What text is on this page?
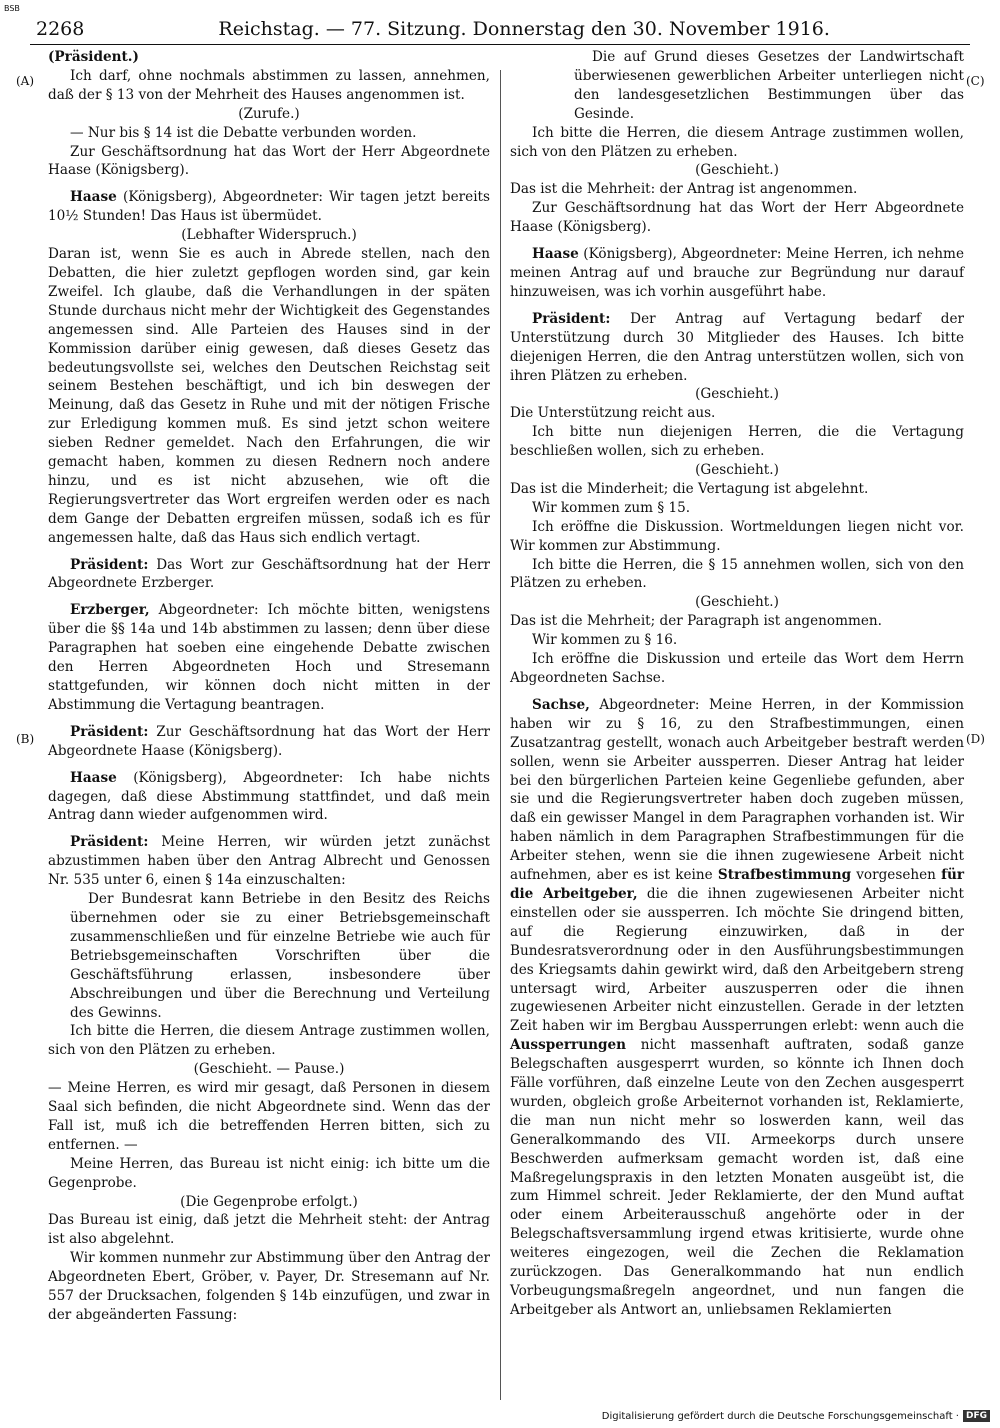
BSB
2268	Reichstag. — 77. Sitzung. Donnerstag den 30. November 1916.
(A)
(B)
(C)
(D)

(Präsident.)

Ich darf, ohne nochmals abstimmen zu lassen, annehmen, daß der § 13 von der Mehrheit des Hauses angenommen ist.

(Zurufe.)

— Nur bis § 14 ist die Debatte verbunden worden.

Zur Geschäftsordnung hat das Wort der Herr Abgeordnete Haase (Königsberg).

Haase (Königsberg), Abgeordneter: Wir tagen jetzt bereits 10½ Stunden! Das Haus ist übermüdet.

(Lebhafter Widerspruch.)

Daran ist, wenn Sie es auch in Abrede stellen, nach den Debatten, die hier zuletzt gepflogen worden sind, gar kein Zweifel. Ich glaube, daß die Verhandlungen in der späten Stunde durchaus nicht mehr der Wichtigkeit des Gegenstandes angemessen sind. Alle Parteien des Hauses sind in der Kommission darüber einig gewesen, daß dieses Gesetz das bedeutungsvollste sei, welches den Deutschen Reichstag seit seinem Bestehen beschäftigt, und ich bin deswegen der Meinung, daß das Gesetz in Ruhe und mit der nötigen Frische zur Erledigung kommen muß. Es sind jetzt schon weitere sieben Redner gemeldet. Nach den Erfahrungen, die wir gemacht haben, kommen zu diesen Rednern noch andere hinzu, und es ist nicht abzusehen, wie oft die Regierungsvertreter das Wort ergreifen werden oder es nach dem Gange der Debatten ergreifen müssen, sodaß ich es für angemessen halte, daß das Haus sich endlich vertagt.

Präsident: Das Wort zur Geschäftsordnung hat der Herr Abgeordnete Erzberger.

Erzberger, Abgeordneter: Ich möchte bitten, wenigstens über die §§ 14a und 14b abstimmen zu lassen; denn über diese Paragraphen hat soeben eine eingehende Debatte zwischen den Herren Abgeordneten Hoch und Stresemann stattgefunden, wir können doch nicht mitten in der Abstimmung die Vertagung beantragen.

Präsident: Zur Geschäftsordnung hat das Wort der Herr Abgeordnete Haase (Königsberg).

Haase (Königsberg), Abgeordneter: Ich habe nichts dagegen, daß diese Abstimmung stattfindet, und daß mein Antrag dann wieder aufgenommen wird.

Präsident: Meine Herren, wir würden jetzt zunächst abzustimmen haben über den Antrag Albrecht und Genossen Nr. 535 unter 6, einen § 14a einzuschalten:

Der Bundesrat kann Betriebe in den Besitz des Reichs übernehmen oder sie zu einer Betriebsgemeinschaft zusammenschließen und für einzelne Betriebe wie auch für Betriebsgemeinschaften Vorschriften über die Geschäftsführung erlassen, insbesondere über Abschreibungen und über die Berechnung und Verteilung des Gewinns.

Ich bitte die Herren, die diesem Antrage zustimmen wollen, sich von den Plätzen zu erheben.

(Geschieht. — Pause.)

— Meine Herren, es wird mir gesagt, daß Personen in diesem Saal sich befinden, die nicht Abgeordnete sind. Wenn das der Fall ist, muß ich die betreffenden Herren bitten, sich zu entfernen. —

Meine Herren, das Bureau ist nicht einig: ich bitte um die Gegenprobe.

(Die Gegenprobe erfolgt.)

Das Bureau ist einig, daß jetzt die Mehrheit steht: der Antrag ist also abgelehnt.

Wir kommen nunmehr zur Abstimmung über den Antrag der Abgeordneten Ebert, Gröber, v. Payer, Dr. Stresemann auf Nr. 557 der Drucksachen, folgenden § 14b einzufügen, und zwar in der abgeänderten Fassung:

Die auf Grund dieses Gesetzes der Landwirtschaft überwiesenen gewerblichen Arbeiter unterliegen nicht den landesgesetzlichen Bestimmungen über das Gesinde.

Ich bitte die Herren, die diesem Antrage zustimmen wollen, sich von den Plätzen zu erheben.

(Geschieht.)

Das ist die Mehrheit: der Antrag ist angenommen.

Zur Geschäftsordnung hat das Wort der Herr Abgeordnete Haase (Königsberg).

Haase (Königsberg), Abgeordneter: Meine Herren, ich nehme meinen Antrag auf und brauche zur Begründung nur darauf hinzuweisen, was ich vorhin ausgeführt habe.

Präsident: Der Antrag auf Vertagung bedarf der Unterstützung durch 30 Mitglieder des Hauses. Ich bitte diejenigen Herren, die den Antrag unterstützen wollen, sich von ihren Plätzen zu erheben.

(Geschieht.)

Die Unterstützung reicht aus.

Ich bitte nun diejenigen Herren, die die Vertagung beschließen wollen, sich zu erheben.

(Geschieht.)

Das ist die Minderheit; die Vertagung ist abgelehnt.

Wir kommen zum § 15.

Ich eröffne die Diskussion. Wortmeldungen liegen nicht vor. Wir kommen zur Abstimmung.

Ich bitte die Herren, die § 15 annehmen wollen, sich von den Plätzen zu erheben.

(Geschieht.)

Das ist die Mehrheit; der Paragraph ist angenommen.

Wir kommen zu § 16.

Ich eröffne die Diskussion und erteile das Wort dem Herrn Abgeordneten Sachse.

Sachse, Abgeordneter: Meine Herren, in der Kommission haben wir zu § 16, zu den Strafbestimmungen, einen Zusatzantrag gestellt, wonach auch Arbeitgeber bestraft werden sollen, wenn sie Arbeiter aussperren. Dieser Antrag hat leider bei den bürgerlichen Parteien keine Gegenliebe gefunden, aber sie und die Regierungsvertreter haben doch zugeben müssen, daß ein gewisser Mangel in dem Paragraphen vorhanden ist. Wir haben nämlich in dem Paragraphen Strafbestimmungen für die Arbeiter stehen, wenn sie die ihnen zugewiesene Arbeit nicht aufnehmen, aber es ist keine Strafbestimmung vorgesehen für die Arbeitgeber, die die ihnen zugewiesenen Arbeiter nicht einstellen oder sie aussperren. Ich möchte Sie dringend bitten, auf die Regierung einzuwirken, daß in der Bundesratsverordnung oder in den Ausführungsbestimmungen des Kriegsamts dahin gewirkt wird, daß den Arbeitgebern streng untersagt wird, Arbeiter auszusperren oder die ihnen zugewiesenen Arbeiter nicht einzustellen. Gerade in der letzten Zeit haben wir im Bergbau Aussperrungen erlebt: wenn auch die Aussperrungen nicht massenhaft auftraten, sodaß ganze Belegschaften ausgesperrt wurden, so könnte ich Ihnen doch Fälle vorführen, daß einzelne Leute von den Zechen ausgesperrt wurden, obgleich große Arbeiternot vorhanden ist, Reklamierte, die man nun nicht mehr so loswerden kann, weil das Generalkommando des VII. Armeekorps durch unsere Beschwerden aufmerksam gemacht worden ist, daß eine Maßregelungspraxis in den letzten Monaten ausgeübt ist, die zum Himmel schreit. Jeder Reklamierte, der den Mund auftat oder einem Arbeiterausschuß angehörte oder in der Belegschaftsversammlung irgend etwas kritisierte, wurde ohne weiteres eingezogen, weil die Zechen die Reklamation zurückzogen. Das Generalkommando hat nun endlich Vorbeugungsmaßregeln angeordnet, und nun fangen die Arbeitgeber als Antwort an, unliebsamen Reklamierten

Digitalisierung gefördert durch die Deutsche Forschungsgemeinschaft · DFG
